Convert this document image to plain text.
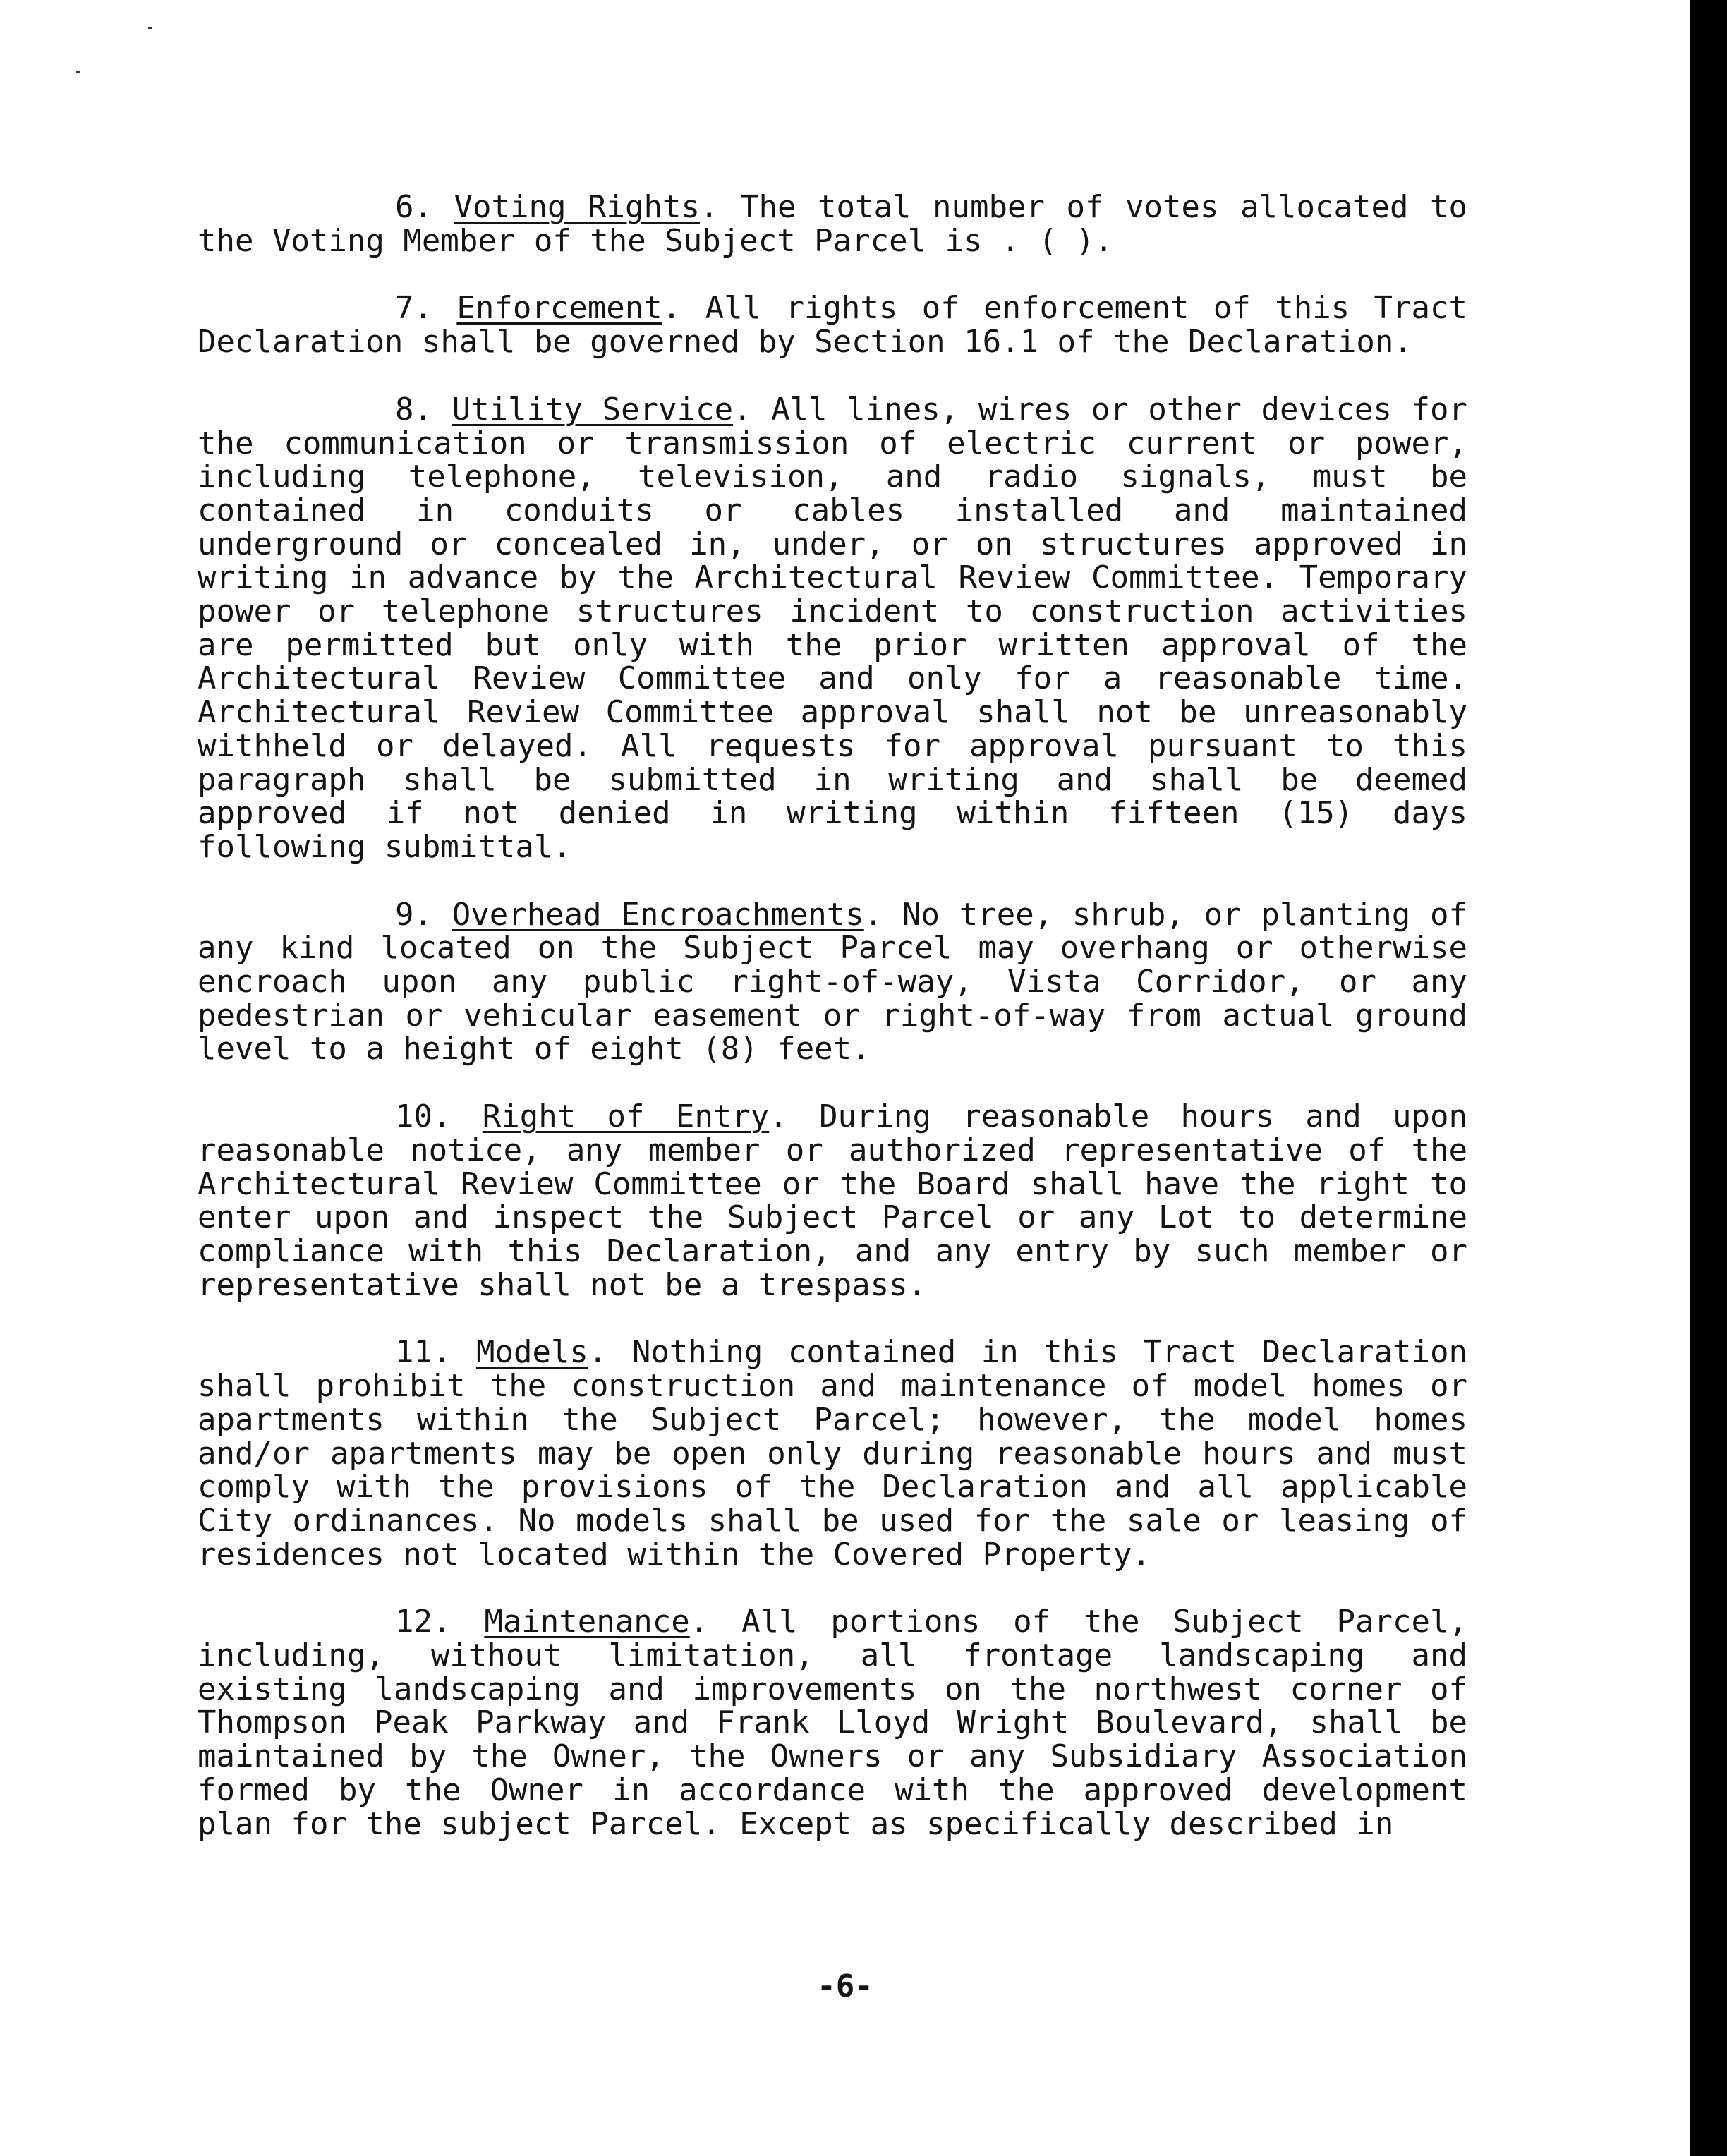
6. Voting Rights. The total number of votes allocated to the Voting Member of the Subject Parcel is . ( ).

7. Enforcement. All rights of enforcement of this Tract Declaration shall be governed by Section 16.1 of the Declaration.

8. Utility Service. All lines, wires or other devices for the communication or transmission of electric current or power, including telephone, television, and radio signals, must be contained in conduits or cables installed and maintained underground or concealed in, under, or on structures approved in writing in advance by the Architectural Review Committee. Temporary power or telephone structures incident to construction activities are permitted but only with the prior written approval of the Architectural Review Committee and only for a reasonable time. Architectural Review Committee approval shall not be unreasonably withheld or delayed. All requests for approval pursuant to this paragraph shall be submitted in writing and shall be deemed approved if not denied in writing within fifteen (15) days following submittal.

9. Overhead Encroachments. No tree, shrub, or planting of any kind located on the Subject Parcel may overhang or otherwise encroach upon any public right-of-way, Vista Corridor, or any pedestrian or vehicular easement or right-of-way from actual ground level to a height of eight (8) feet.

10. Right of Entry. During reasonable hours and upon reasonable notice, any member or authorized representative of the Architectural Review Committee or the Board shall have the right to enter upon and inspect the Subject Parcel or any Lot to determine compliance with this Declaration, and any entry by such member or representative shall not be a trespass.

11. Models. Nothing contained in this Tract Declaration shall prohibit the construction and maintenance of model homes or apartments within the Subject Parcel; however, the model homes and/or apartments may be open only during reasonable hours and must comply with the provisions of the Declaration and all applicable City ordinances. No models shall be used for the sale or leasing of residences not located within the Covered Property.

12. Maintenance. All portions of the Subject Parcel, including, without limitation, all frontage landscaping and existing landscaping and improvements on the northwest corner of Thompson Peak Parkway and Frank Lloyd Wright Boulevard, shall be maintained by the Owner, the Owners or any Subsidiary Association formed by the Owner in accordance with the approved development plan for the subject Parcel. Except as specifically described in

-6-
